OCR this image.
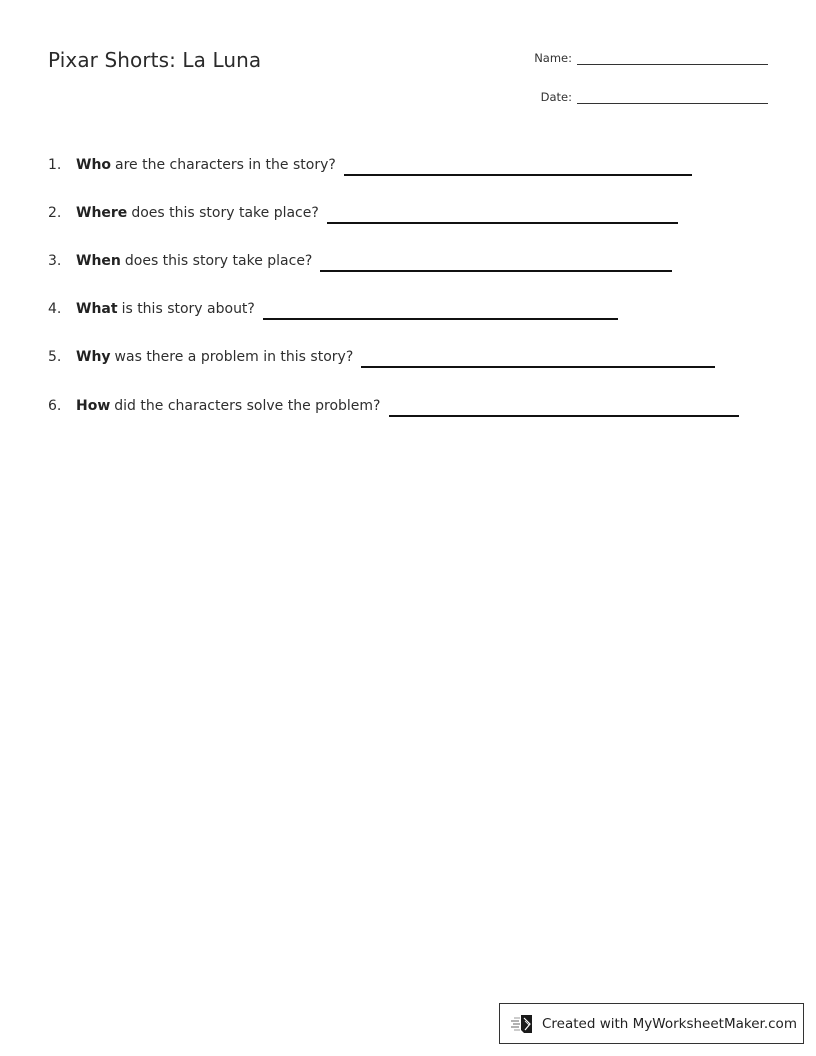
Pixar Shorts: La Luna	Name:
Date:
1.	Who are the characters in the story?
2.	Where does this story take place?
3.	When does this story take place?
4.	What is this story about?
5.	Why was there a problem in this story?
6.	How did the characters solve the problem?
Created with MyWorksheetMaker.com
